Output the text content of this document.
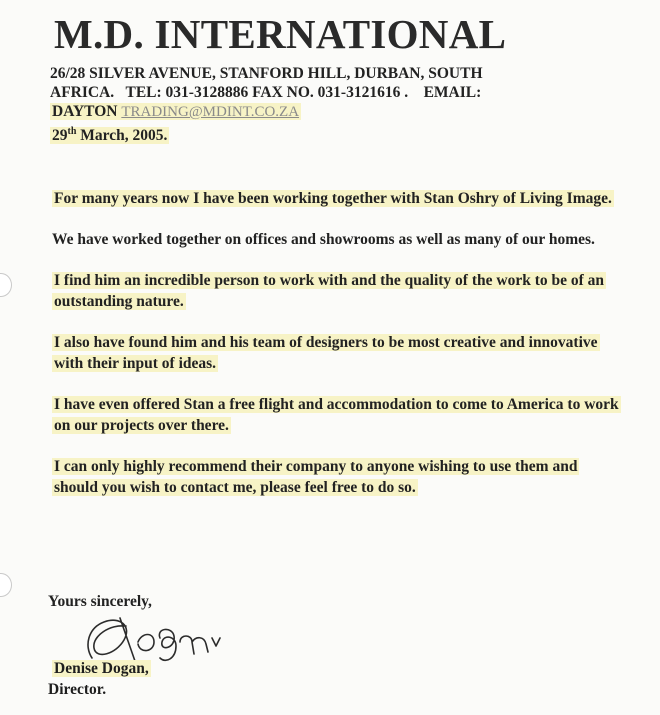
M.D. INTERNATIONAL
26/28 SILVER AVENUE, STANFORD HILL, DURBAN, SOUTH
AFRICA.   TEL: 031-3128886 FAX NO. 031-3121616 .    EMAIL:
DAYTON TRADING@MDINT.CO.ZA
29th March, 2005.

For many years now I have been working together with Stan Oshry of Living Image.

We have worked together on offices and showrooms as well as many of our homes.

I find him an incredible person to work with and the quality of the work to be of an outstanding nature.

I also have found him and his team of designers to be most creative and innovative with their input of ideas.

I have even offered Stan a free flight and accommodation to come to America to work on our projects over there.

I can only highly recommend their company to anyone wishing to use them and should you wish to contact me, please feel free to do so.

Yours sincerely,

Denise Dogan,

Director.
